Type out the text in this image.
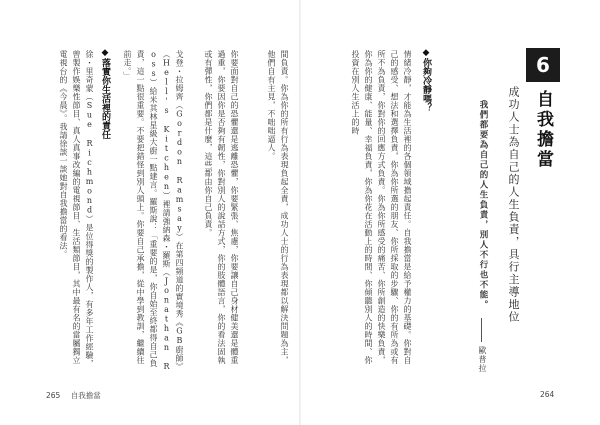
6
自我擔當
成功人士為自己的人生負責，具行主導地位
我們都要為自己的人生負責，別人不行也不能。
歐普拉
◆你夠冷靜嗎？
情緒冷靜，才能為生活裡的各個領域擔起責任。自我擔當是給予權力的基礎。你對自己的感受、想法和選擇負責，你為你所選的朋友、你所採取的步驟、你的有所為或有所不為負責，你對你的回應方式負責。你為你所感受的痛苦、你所創造的快樂負責，你為你的健康、能量、幸福負責，你為你花在活動上的時間、你傾聽別人的時間、你投資在別人生活上的時
264
間負責。你為你的所有行為表現負起全責，成功人士的行為表現都以解決問題為主，他們自有主見，不咄咄逼人。
你要面對自己的恐懼還是逃離恐懼，你要緊張、焦慮，你要讓自己身材健美還是體重過重，你要因你是否夠有韌性，你對別人的說話方式，你的肢體語言，你的看法固執或有彈性，你們都是什麼，這些都由你自己負責。
戈登・拉姆齊（Gordon Ramsay）在第四頻道的實境秀《GB廚師》（Hell's Kitchen）裡請強納森・羅斯（Jonathan Ross）給米其林星級大廚一點建言。羅斯說：「重要的是，你自始至終都得自己負責，這一點很重要。不要把錯怪到別人頭上。你要自己承擔，從中學到教訓，繼續往前走。」
◆落實你生活裡的責任
徐・里奇蒙（Sue Richmond）是位得獎的製作人，有多年工作經驗，曾製作娛樂性節目、真人真事改編的電視節目、生活類節目，其中最有名的當屬獨立電視台的《今晨》。我請徐談一談她對自我擔當的看法。
265 自我擔當
